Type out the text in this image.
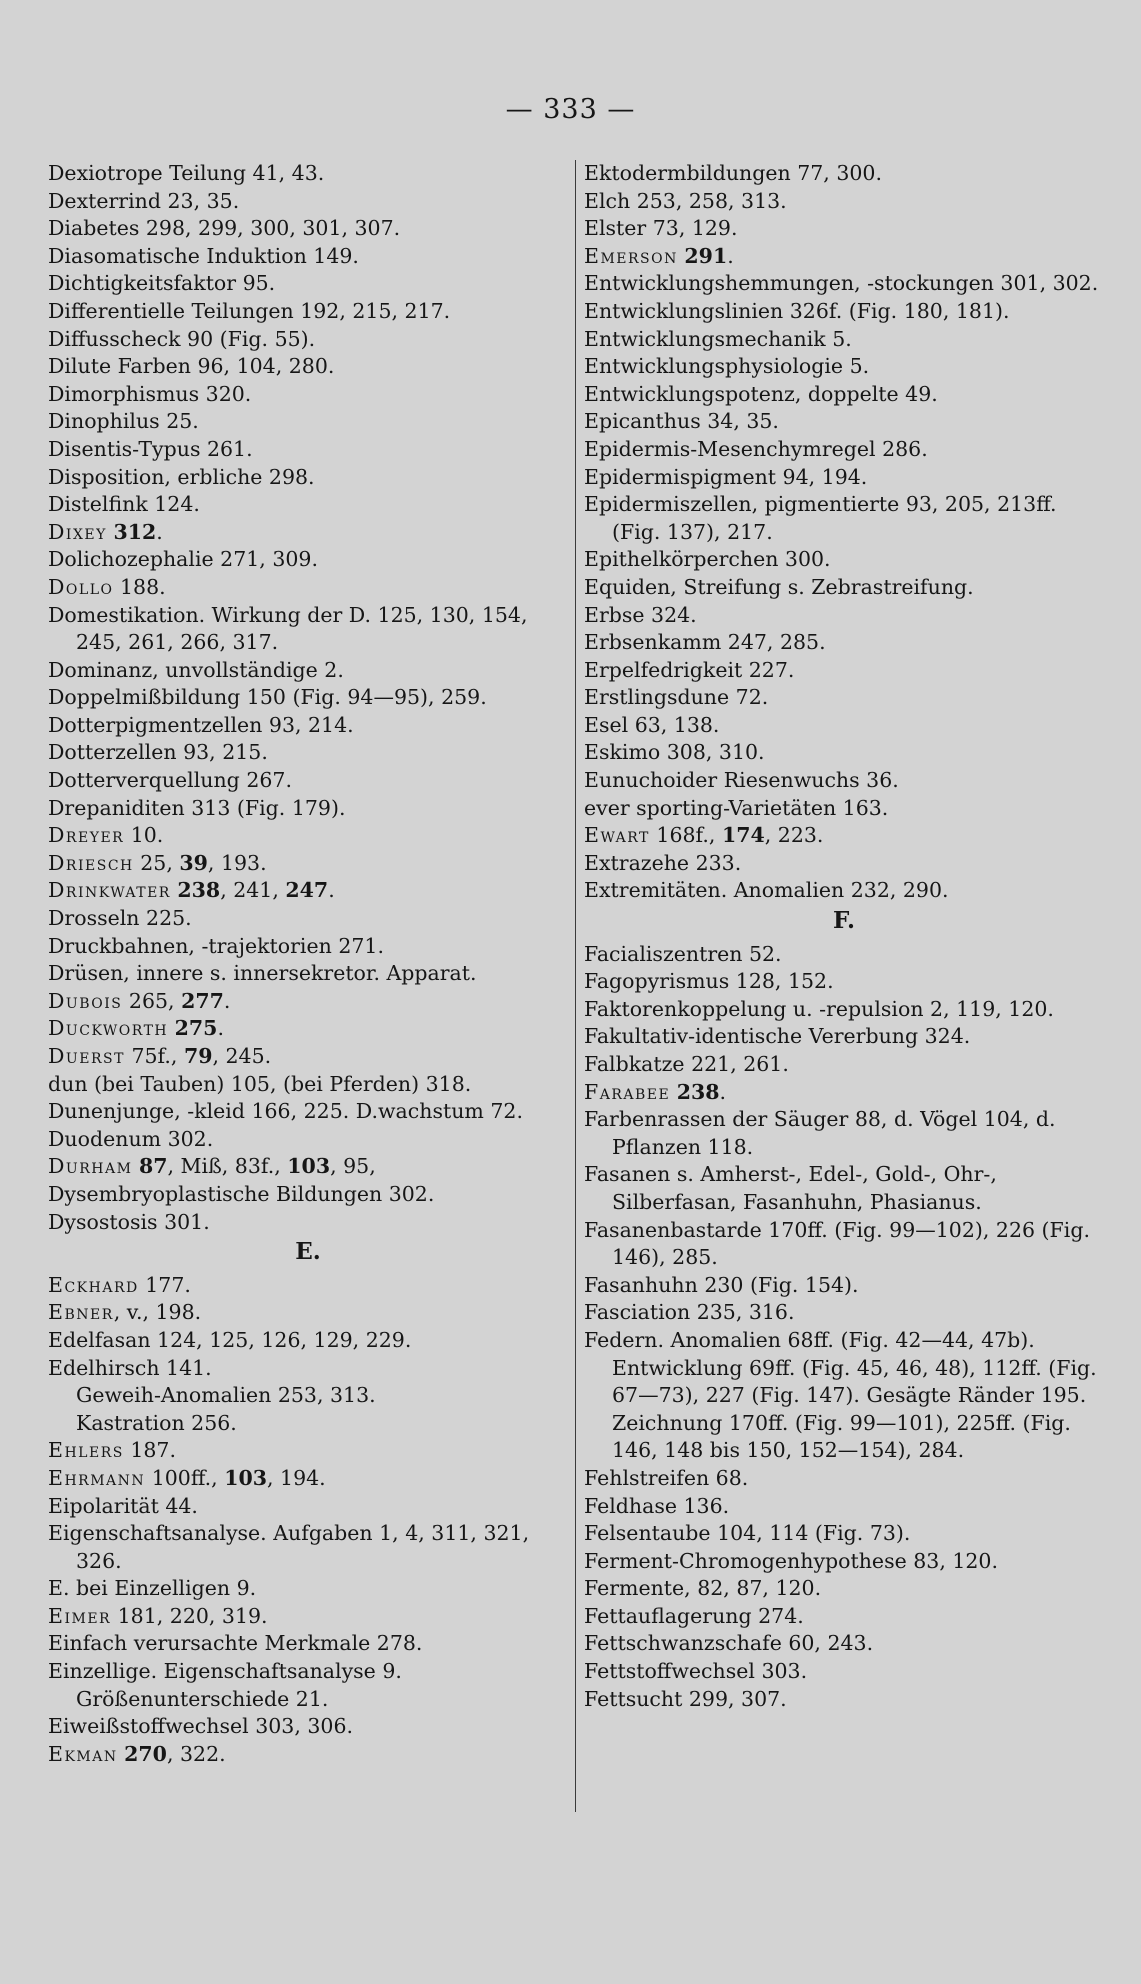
— 333 —
Dexiotrope Teilung 41, 43.
Dexterrind 23, 35.
Diabetes 298, 299, 300, 301, 307.
Diasomatische Induktion 149.
Dichtigkeitsfaktor 95.
Differentielle Teilungen 192, 215, 217.
Diffusscheck 90 (Fig. 55).
Dilute Farben 96, 104, 280.
Dimorphismus 320.
Dinophilus 25.
Disentis-Typus 261.
Disposition, erbliche 298.
Distelfink 124.
Dixey 312.
Dolichozephalie 271, 309.
Dollo 188.
Domestikation. Wirkung der D. 125, 130, 154, 245, 261, 266, 317.
Dominanz, unvollständige 2.
Doppelmißbildung 150 (Fig. 94—95), 259.
Dotterpigmentzellen 93, 214.
Dotterzellen 93, 215.
Dotterverquellung 267.
Drepaniditen 313 (Fig. 179).
Dreyer 10.
Driesch 25, 39, 193.
Drinkwater 238, 241, 247.
Drosseln 225.
Druckbahnen, -trajektorien 271.
Drüsen, innere s. innersekretor. Apparat.
Dubois 265, 277.
Duckworth 275.
Duerst 75f., 79, 245.
dun (bei Tauben) 105, (bei Pferden) 318.
Dunenjunge, -kleid 166, 225. D.wachstum 72.
Duodenum 302.
Durham 87, Miß, 83f., 103, 95,
Dysembryoplastische Bildungen 302.
Dysostosis 301.
E.
Eckhard 177.
Ebner, v., 198.
Edelfasan 124, 125, 126, 129, 229.
Edelhirsch 141.
Geweih-Anomalien 253, 313.
Kastration 256.
Ehlers 187.
Ehrmann 100ff., 103, 194.
Eipolarität 44.
Eigenschaftsanalyse. Aufgaben 1, 4, 311, 321, 326.
E. bei Einzelligen 9.
Eimer 181, 220, 319.
Einfach verursachte Merkmale 278.
Einzellige. Eigenschaftsanalyse 9.
Größenunterschiede 21.
Eiweißstoffwechsel 303, 306.
Ekman 270, 322.
Ektodermbildungen 77, 300.
Elch 253, 258, 313.
Elster 73, 129.
Emerson 291.
Entwicklungshemmungen, -stockungen 301, 302.
Entwicklungslinien 326f. (Fig. 180, 181).
Entwicklungsmechanik 5.
Entwicklungsphysiologie 5.
Entwicklungspotenz, doppelte 49.
Epicanthus 34, 35.
Epidermis-Mesenchymregel 286.
Epidermispigment 94, 194.
Epidermiszellen, pigmentierte 93, 205, 213ff. (Fig. 137), 217.
Epithelkörperchen 300.
Equiden, Streifung s. Zebrastreifung.
Erbse 324.
Erbsenkamm 247, 285.
Erpelfedrigkeit 227.
Erstlingsdune 72.
Esel 63, 138.
Eskimo 308, 310.
Eunuchoider Riesenwuchs 36.
ever sporting-Varietäten 163.
Ewart 168f., 174, 223.
Extrazehe 233.
Extremitäten. Anomalien 232, 290.
F.
Facialiszentren 52.
Fagopyrismus 128, 152.
Faktorenkoppelung u. -repulsion 2, 119, 120.
Fakultativ-identische Vererbung 324.
Falbkatze 221, 261.
Farabee 238.
Farbenrassen der Säuger 88, d. Vögel 104, d. Pflanzen 118.
Fasanen s. Amherst-, Edel-, Gold-, Ohr-, Silberfasan, Fasanhuhn, Phasianus.
Fasanenbastarde 170ff. (Fig. 99—102), 226 (Fig. 146), 285.
Fasanhuhn 230 (Fig. 154).
Fasciation 235, 316.
Federn. Anomalien 68ff. (Fig. 42—44, 47b). Entwicklung 69ff. (Fig. 45, 46, 48), 112ff. (Fig. 67—73), 227 (Fig. 147). Gesägte Ränder 195. Zeichnung 170ff. (Fig. 99—101), 225ff. (Fig. 146, 148 bis 150, 152—154), 284.
Fehlstreifen 68.
Feldhase 136.
Felsentaube 104, 114 (Fig. 73).
Ferment-Chromogenhypothese 83, 120.
Fermente, 82, 87, 120.
Fettauflagerung 274.
Fettschwanzschafe 60, 243.
Fettstoffwechsel 303.
Fettsucht 299, 307.
